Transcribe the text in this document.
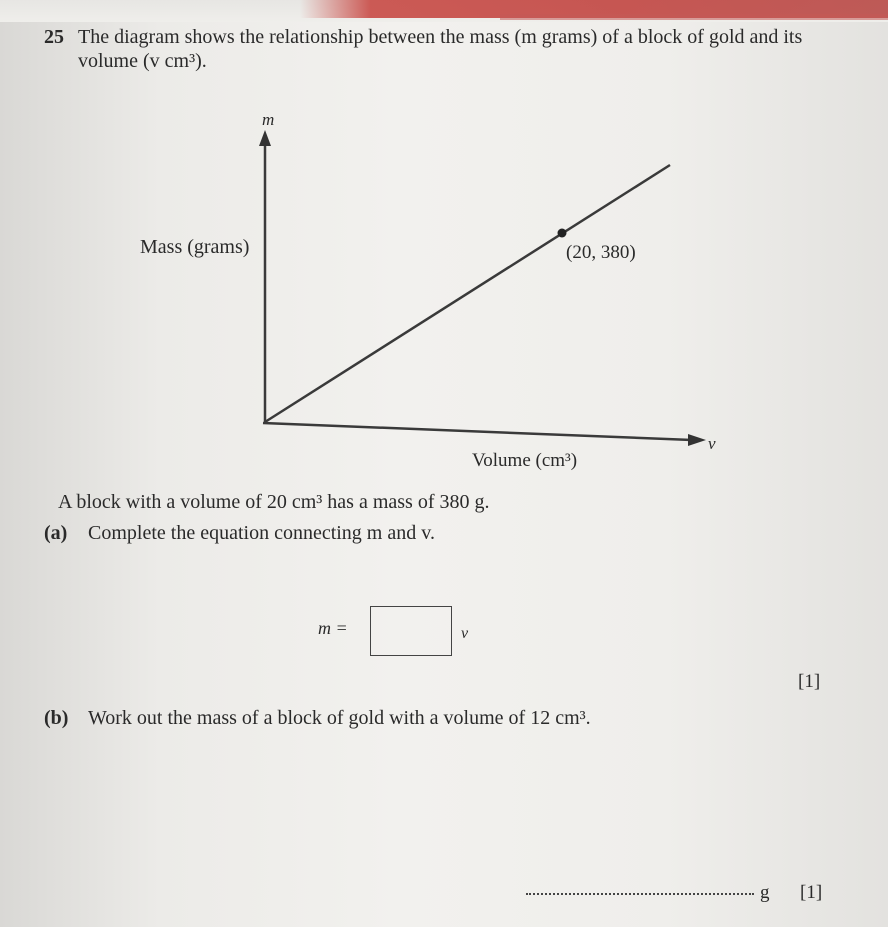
25 The diagram shows the relationship between the mass (m grams) of a block of gold and its
volume (v cm³).
m
Mass (grams)	(20, 380)
v
Volume (cm³)
A block with a volume of 20 cm³ has a mass of 380 g.
(a) Complete the equation connecting m and v.
m =	v
[1]
(b) Work out the mass of a block of gold with a volume of 12 cm³.
g [1]
